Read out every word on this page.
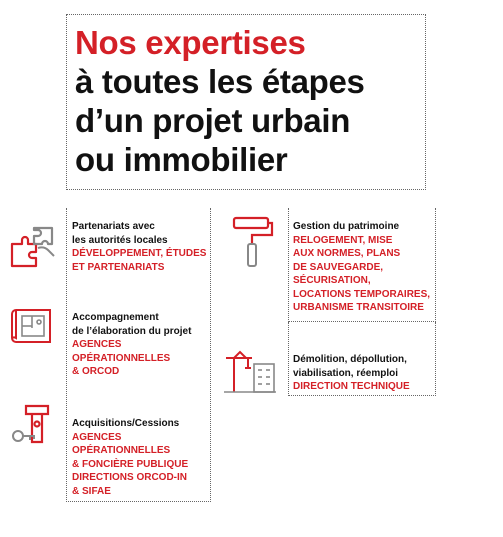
Nos expertises
à toutes les étapes
d’un projet urbain
ou immobilier
Partenariats avec
les autorités locales
DÉVELOPPEMENT, ÉTUDES
ET PARTENARIATS
Accompagnement
de l’élaboration du projet
AGENCES
OPÉRATIONNELLES
& ORCOD
Acquisitions/Cessions
AGENCES
OPÉRATIONNELLES
& FONCIÈRE PUBLIQUE
DIRECTIONS ORCOD-IN
& SIFAE
Gestion du patrimoine
RELOGEMENT, MISE
AUX NORMES, PLANS
DE SAUVEGARDE,
SÉCURISATION,
LOCATIONS TEMPORAIRES,
URBANISME TRANSITOIRE
Démolition, dépollution,
viabilisation, réemploi
DIRECTION TECHNIQUE
